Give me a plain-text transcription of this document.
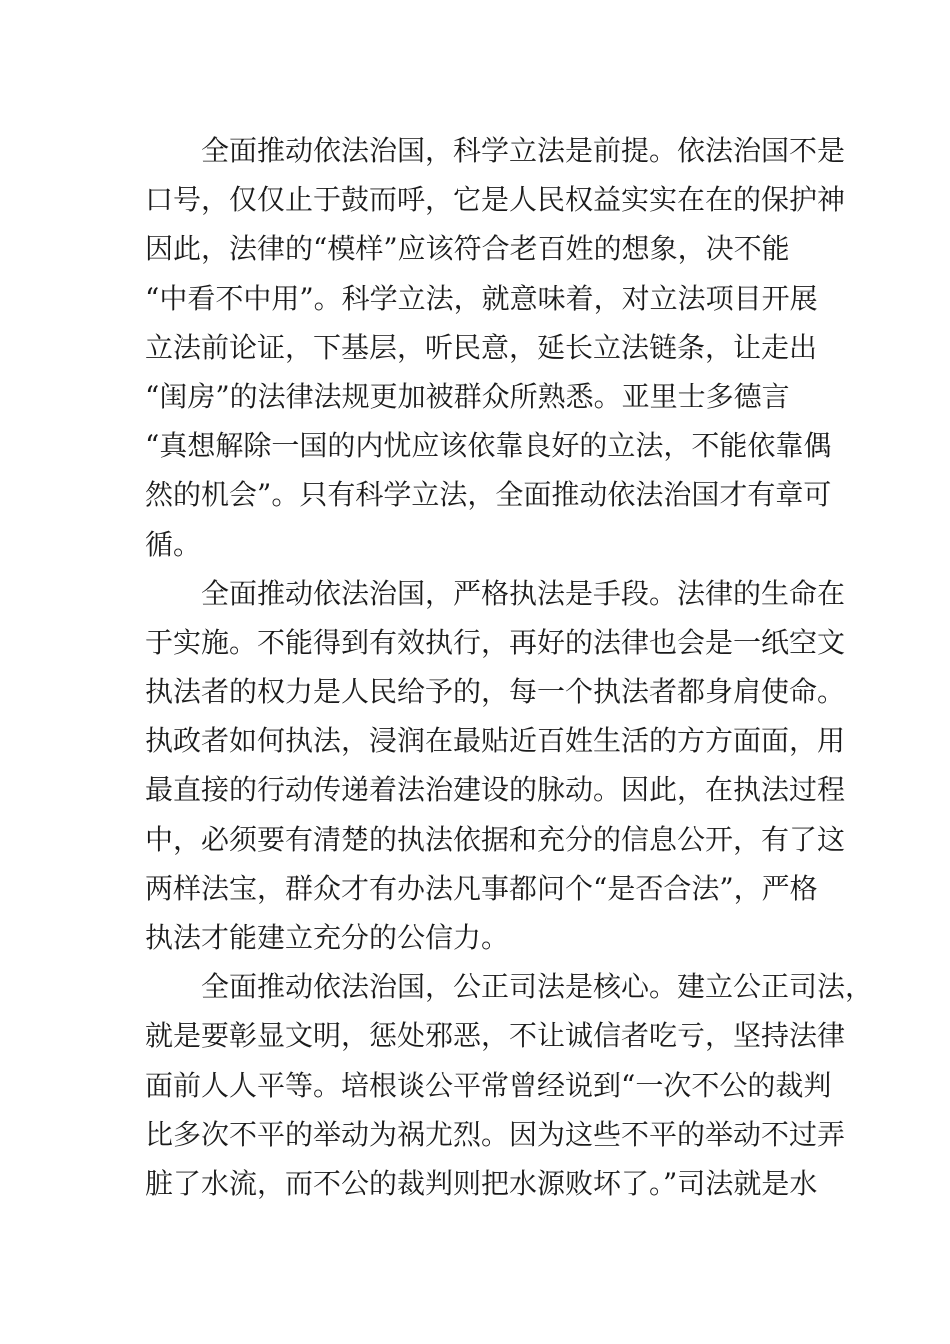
全面推动依法治国，科学立法是前提。依法治国不是
口号，仅仅止于鼓而呼，它是人民权益实实在在的保护神
因此，法律的“模样”应该符合老百姓的想象，决不能
“中看不中用”。科学立法，就意味着，对立法项目开展
立法前论证，下基层，听民意，延长立法链条，让走出
“闺房”的法律法规更加被群众所熟悉。亚里士多德言
“真想解除一国的内忧应该依靠良好的立法，不能依靠偶
然的机会”。只有科学立法，全面推动依法治国才有章可
循。

全面推动依法治国，严格执法是手段。法律的生命在
于实施。不能得到有效执行，再好的法律也会是一纸空文
执法者的权力是人民给予的，每一个执法者都身肩使命。
执政者如何执法，浸润在最贴近百姓生活的方方面面，用
最直接的行动传递着法治建设的脉动。因此，在执法过程
中，必须要有清楚的执法依据和充分的信息公开，有了这
两样法宝，群众才有办法凡事都问个“是否合法”，严格
执法才能建立充分的公信力。

全面推动依法治国，公正司法是核心。建立公正司法，
就是要彰显文明，惩处邪恶，不让诚信者吃亏，坚持法律
面前人人平等。培根谈公平常曾经说到“一次不公的裁判
比多次不平的举动为祸尤烈。因为这些不平的举动不过弄
脏了水流，而不公的裁判则把水源败坏了。”司法就是水
